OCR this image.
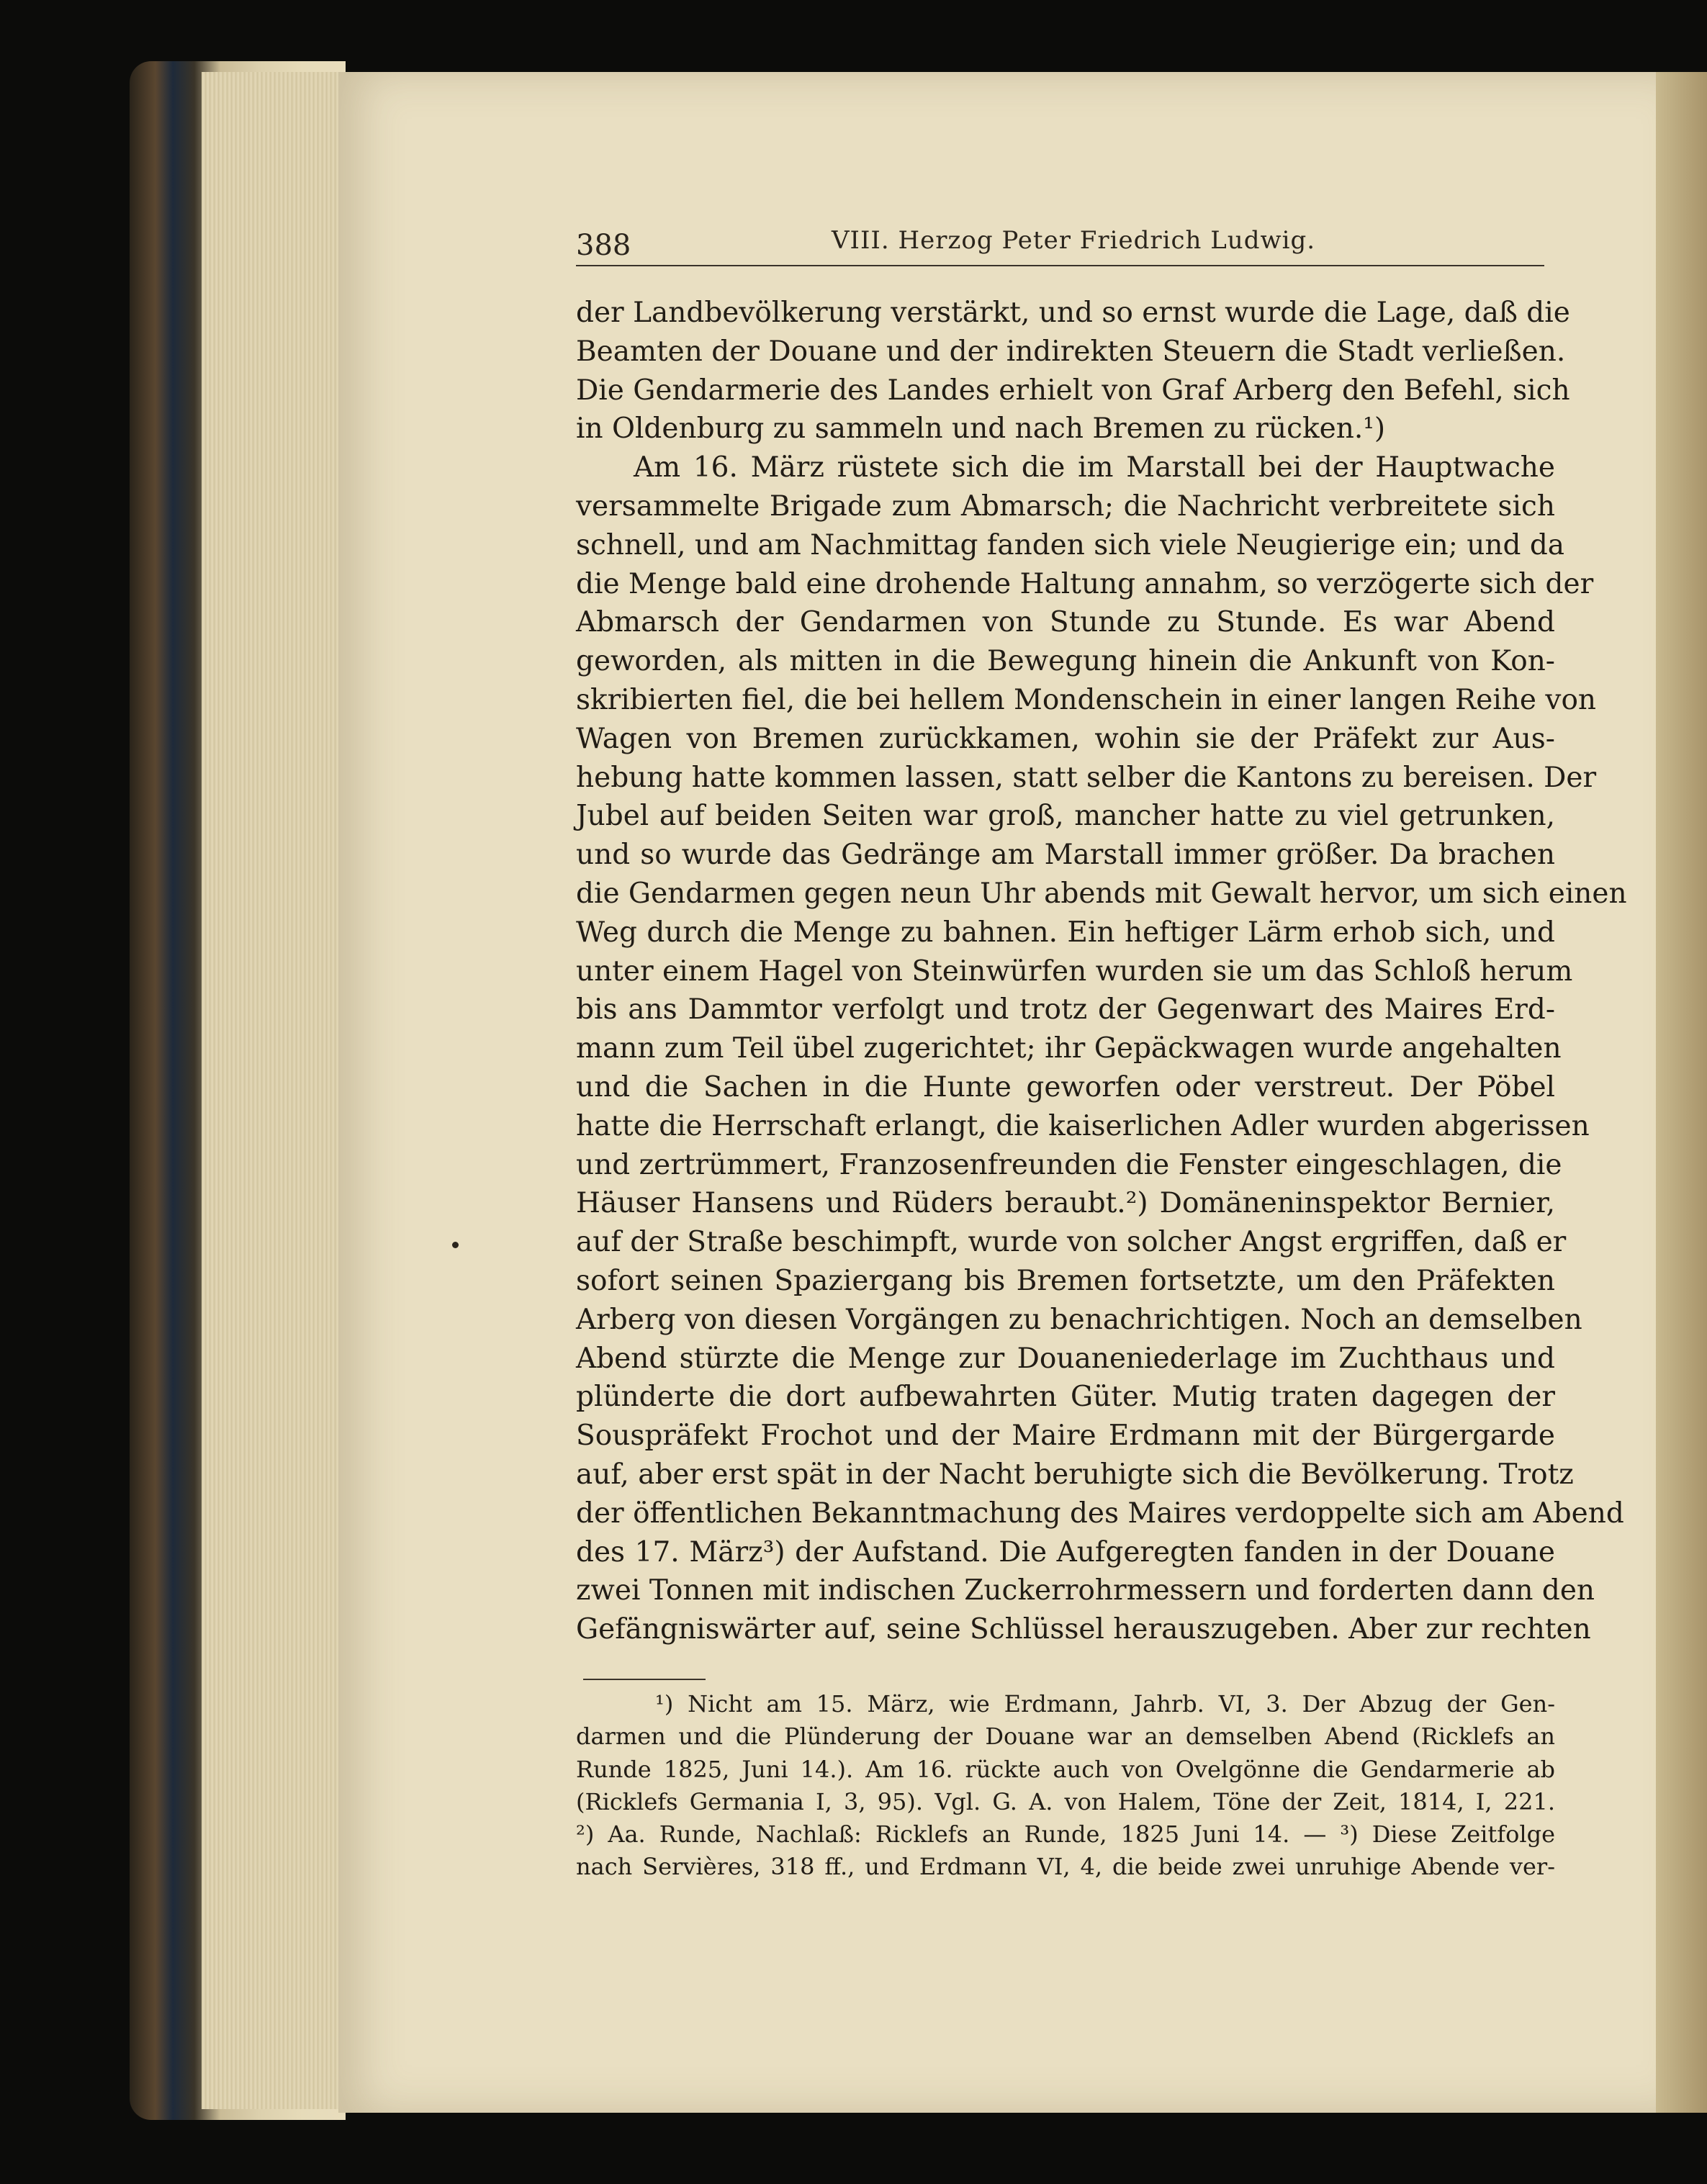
388	VIII. Herzog Peter Friedrich Ludwig.
der Landbevölkerung verstärkt, und so ernst wurde die Lage, daß die
Beamten der Douane und der indirekten Steuern die Stadt verließen.
Die Gendarmerie des Landes erhielt von Graf Arberg den Befehl, sich
in Oldenburg zu sammeln und nach Bremen zu rücken.¹)
Am 16. März rüstete sich die im Marstall bei der Hauptwache
versammelte Brigade zum Abmarsch; die Nachricht verbreitete sich
schnell, und am Nachmittag fanden sich viele Neugierige ein; und da
die Menge bald eine drohende Haltung annahm, so verzögerte sich der
Abmarsch der Gendarmen von Stunde zu Stunde. Es war Abend
geworden, als mitten in die Bewegung hinein die Ankunft von Kon-
skribierten fiel, die bei hellem Mondenschein in einer langen Reihe von
Wagen von Bremen zurückkamen, wohin sie der Präfekt zur Aus-
hebung hatte kommen lassen, statt selber die Kantons zu bereisen. Der
Jubel auf beiden Seiten war groß, mancher hatte zu viel getrunken,
und so wurde das Gedränge am Marstall immer größer. Da brachen
die Gendarmen gegen neun Uhr abends mit Gewalt hervor, um sich einen
Weg durch die Menge zu bahnen. Ein heftiger Lärm erhob sich, und
unter einem Hagel von Steinwürfen wurden sie um das Schloß herum
bis ans Dammtor verfolgt und trotz der Gegenwart des Maires Erd-
mann zum Teil übel zugerichtet; ihr Gepäckwagen wurde angehalten
und die Sachen in die Hunte geworfen oder verstreut. Der Pöbel
hatte die Herrschaft erlangt, die kaiserlichen Adler wurden abgerissen
und zertrümmert, Franzosenfreunden die Fenster eingeschlagen, die
Häuser Hansens und Rüders beraubt.²) Domäneninspektor Bernier,
auf der Straße beschimpft, wurde von solcher Angst ergriffen, daß er
sofort seinen Spaziergang bis Bremen fortsetzte, um den Präfekten
Arberg von diesen Vorgängen zu benachrichtigen. Noch an demselben
Abend stürzte die Menge zur Douaneniederlage im Zuchthaus und
plünderte die dort aufbewahrten Güter. Mutig traten dagegen der
Souspräfekt Frochot und der Maire Erdmann mit der Bürgergarde
auf, aber erst spät in der Nacht beruhigte sich die Bevölkerung. Trotz
der öffentlichen Bekanntmachung des Maires verdoppelte sich am Abend
des 17. März³) der Aufstand. Die Aufgeregten fanden in der Douane
zwei Tonnen mit indischen Zuckerrohrmessern und forderten dann den
Gefängniswärter auf, seine Schlüssel herauszugeben. Aber zur rechten
¹) Nicht am 15. März, wie Erdmann, Jahrb. VI, 3. Der Abzug der Gen-
darmen und die Plünderung der Douane war an demselben Abend (Ricklefs an
Runde 1825, Juni 14.). Am 16. rückte auch von Ovelgönne die Gendarmerie ab
(Ricklefs Germania I, 3, 95). Vgl. G. A. von Halem, Töne der Zeit, 1814, I, 221.
²) Aa. Runde, Nachlaß: Ricklefs an Runde, 1825 Juni 14. — ³) Diese Zeitfolge
nach Servières, 318 ff., und Erdmann VI, 4, die beide zwei unruhige Abende ver-
